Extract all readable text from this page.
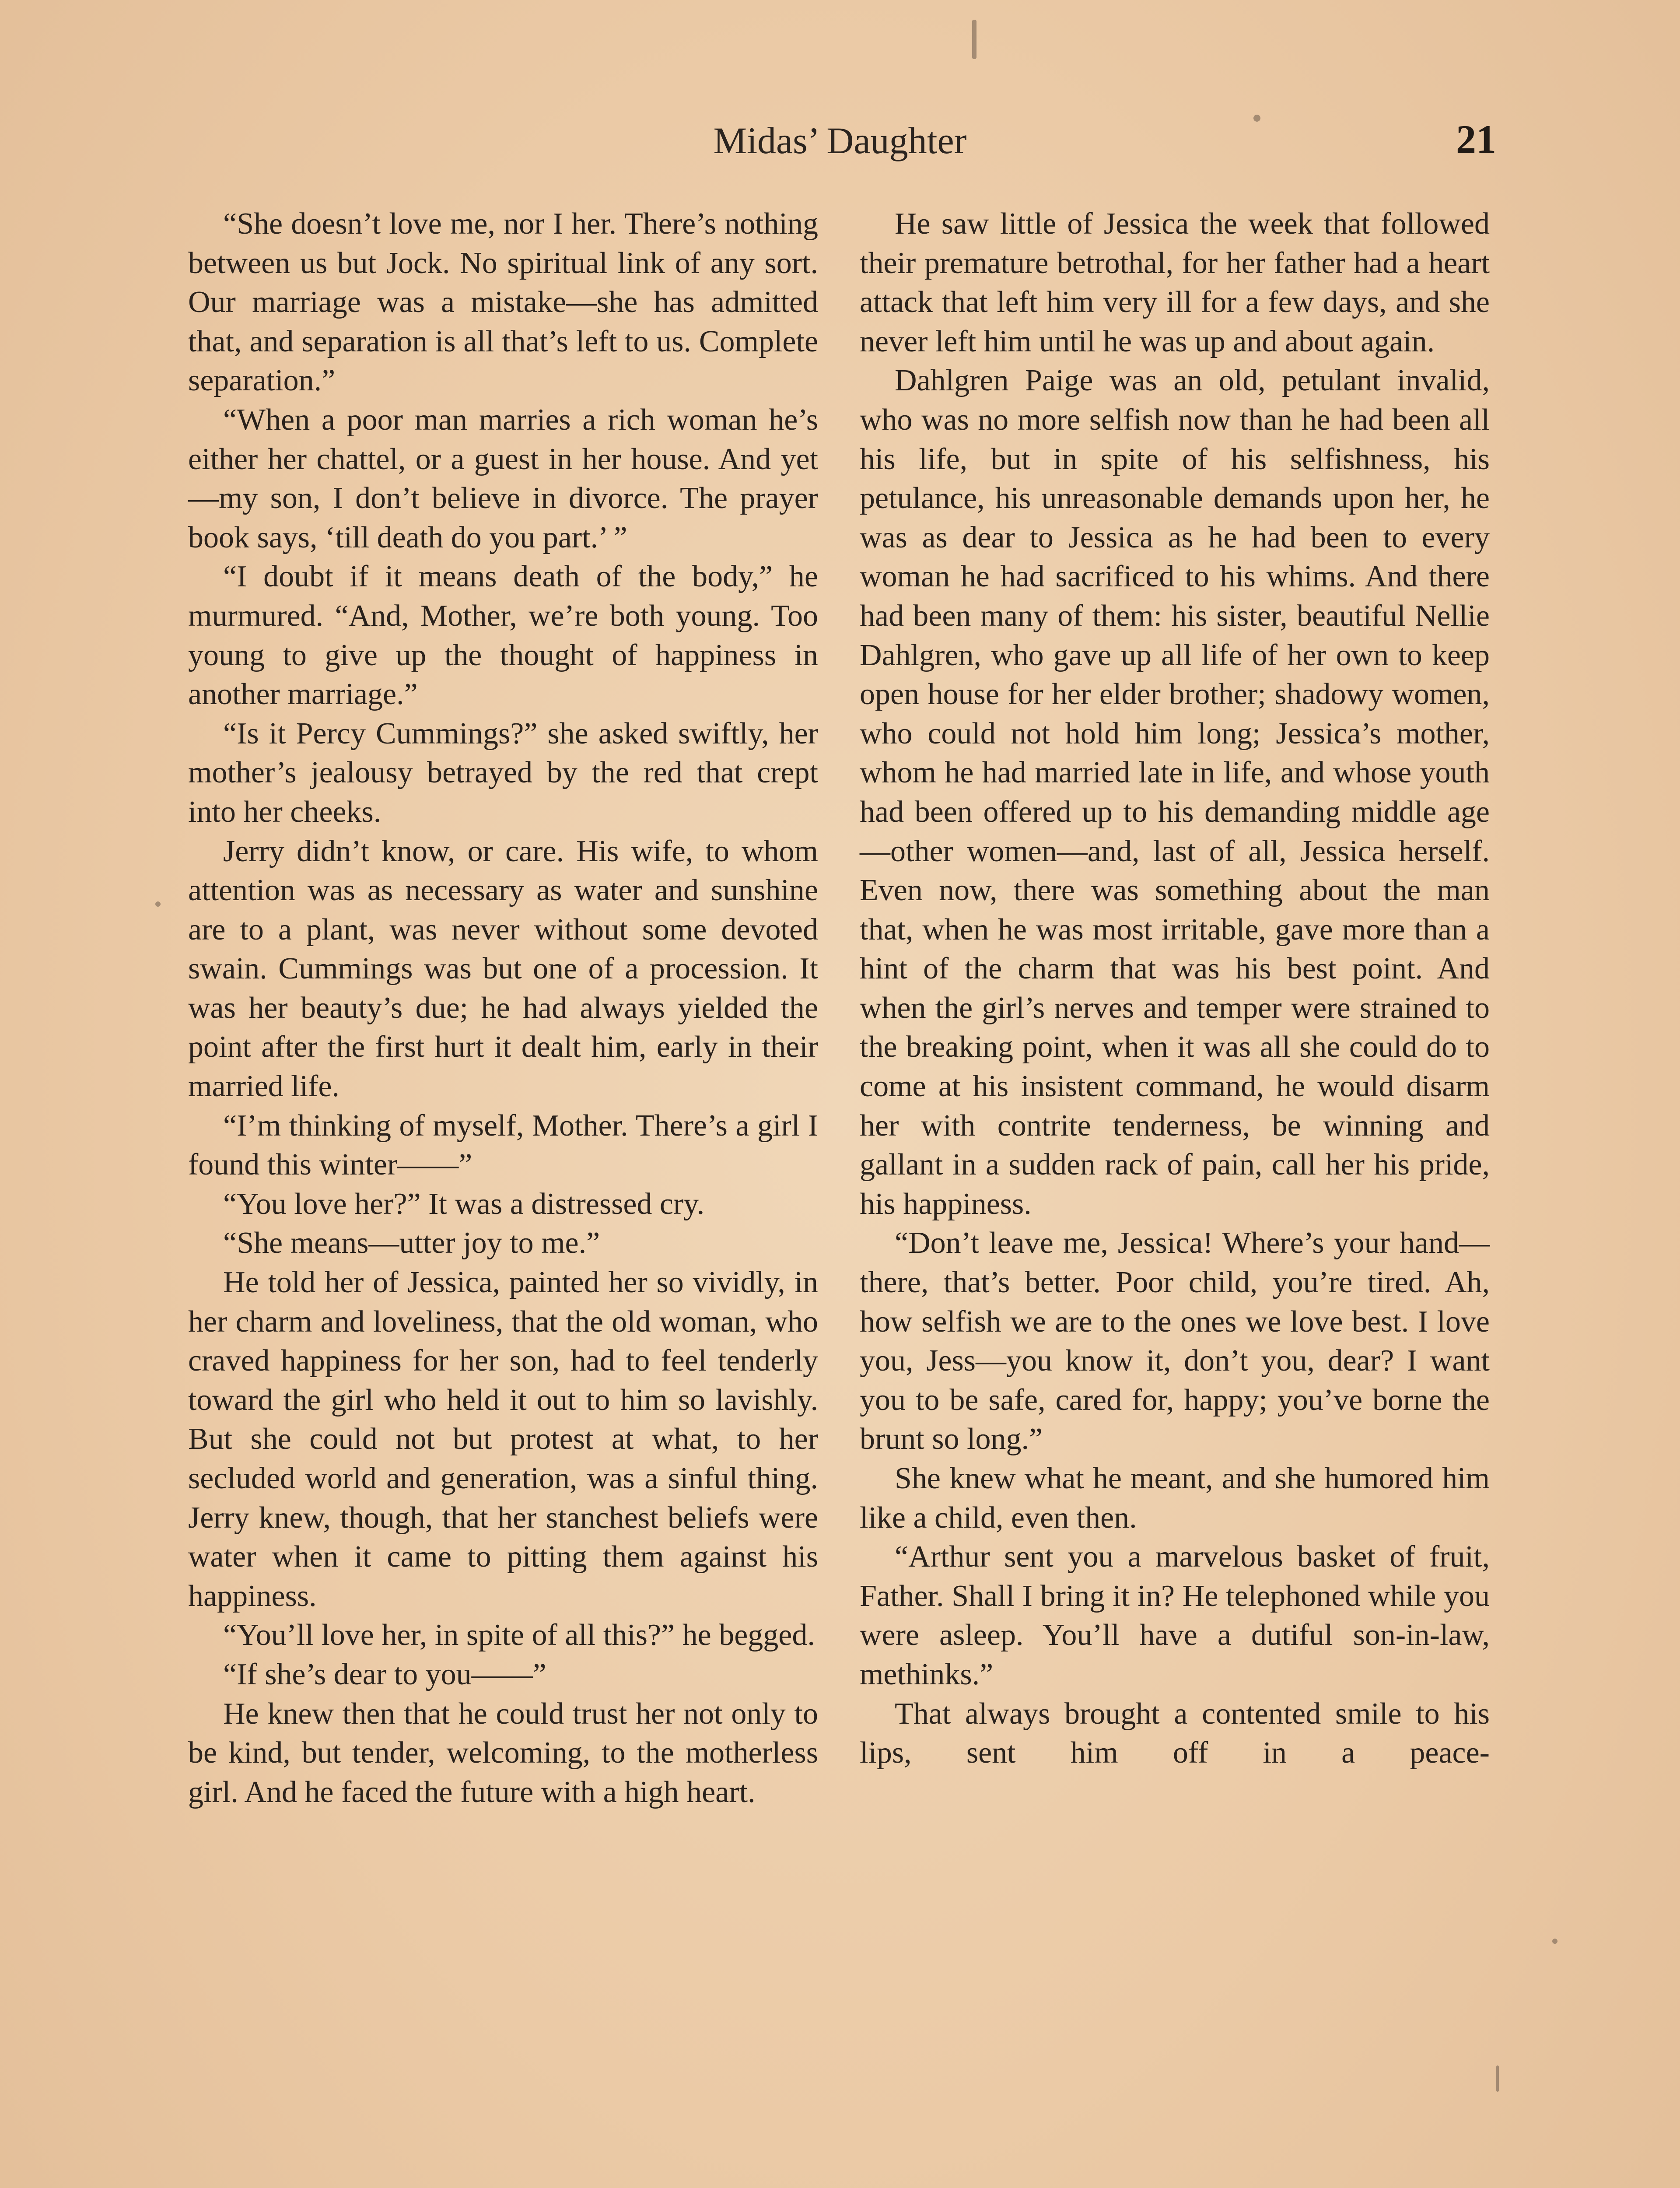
Midas’ Daughter	21

“She doesn’t love me, nor I her. There’s nothing between us but Jock. No spiritual link of any sort. Our marriage was a mistake—she has admitted that, and separation is all that’s left to us. Complete separation.”

“When a poor man marries a rich woman he’s either her chattel, or a guest in her house. And yet—my son, I don’t believe in divorce. The prayer book says, ‘till death do you part.’ ”

“I doubt if it means death of the body,” he murmured. “And, Mother, we’re both young. Too young to give up the thought of happiness in another marriage.”

“Is it Percy Cummings?” she asked swiftly, her mother’s jealousy betrayed by the red that crept into her cheeks.

Jerry didn’t know, or care. His wife, to whom attention was as necessary as water and sunshine are to a plant, was never without some devoted swain. Cummings was but one of a procession. It was her beauty’s due; he had always yielded the point after the first hurt it dealt him, early in their married life.

“I’m thinking of myself, Mother. There’s a girl I found this winter——”

“You love her?” It was a distressed cry.

“She means—utter joy to me.”

He told her of Jessica, painted her so vividly, in her charm and loveliness, that the old woman, who craved happiness for her son, had to feel tenderly toward the girl who held it out to him so lavishly. But she could not but protest at what, to her secluded world and generation, was a sinful thing. Jerry knew, though, that her stanchest beliefs were water when it came to pitting them against his happiness.

“You’ll love her, in spite of all this?” he begged.

“If she’s dear to you——”

He knew then that he could trust her not only to be kind, but tender, welcoming, to the motherless girl. And he faced the future with a high heart.

He saw little of Jessica the week that followed their premature betrothal, for her father had a heart attack that left him very ill for a few days, and she never left him until he was up and about again.

Dahlgren Paige was an old, petulant invalid, who was no more selfish now than he had been all his life, but in spite of his selfishness, his petulance, his unreasonable demands upon her, he was as dear to Jessica as he had been to every woman he had sacrificed to his whims. And there had been many of them: his sister, beautiful Nellie Dahlgren, who gave up all life of her own to keep open house for her elder brother; shadowy women, who could not hold him long; Jessica’s mother, whom he had married late in life, and whose youth had been offered up to his demanding middle age—other women—and, last of all, Jessica herself. Even now, there was something about the man that, when he was most irritable, gave more than a hint of the charm that was his best point. And when the girl’s nerves and temper were strained to the breaking point, when it was all she could do to come at his insistent command, he would disarm her with contrite tenderness, be winning and gallant in a sudden rack of pain, call her his pride, his happiness.

“Don’t leave me, Jessica! Where’s your hand—there, that’s better. Poor child, you’re tired. Ah, how selfish we are to the ones we love best. I love you, Jess—you know it, don’t you, dear? I want you to be safe, cared for, happy; you’ve borne the brunt so long.”

She knew what he meant, and she humored him like a child, even then.

“Arthur sent you a marvelous basket of fruit, Father. Shall I bring it in? He telephoned while you were asleep. You’ll have a dutiful son-in-law, methinks.”

That always brought a contented smile to his lips, sent him off in a peace-
